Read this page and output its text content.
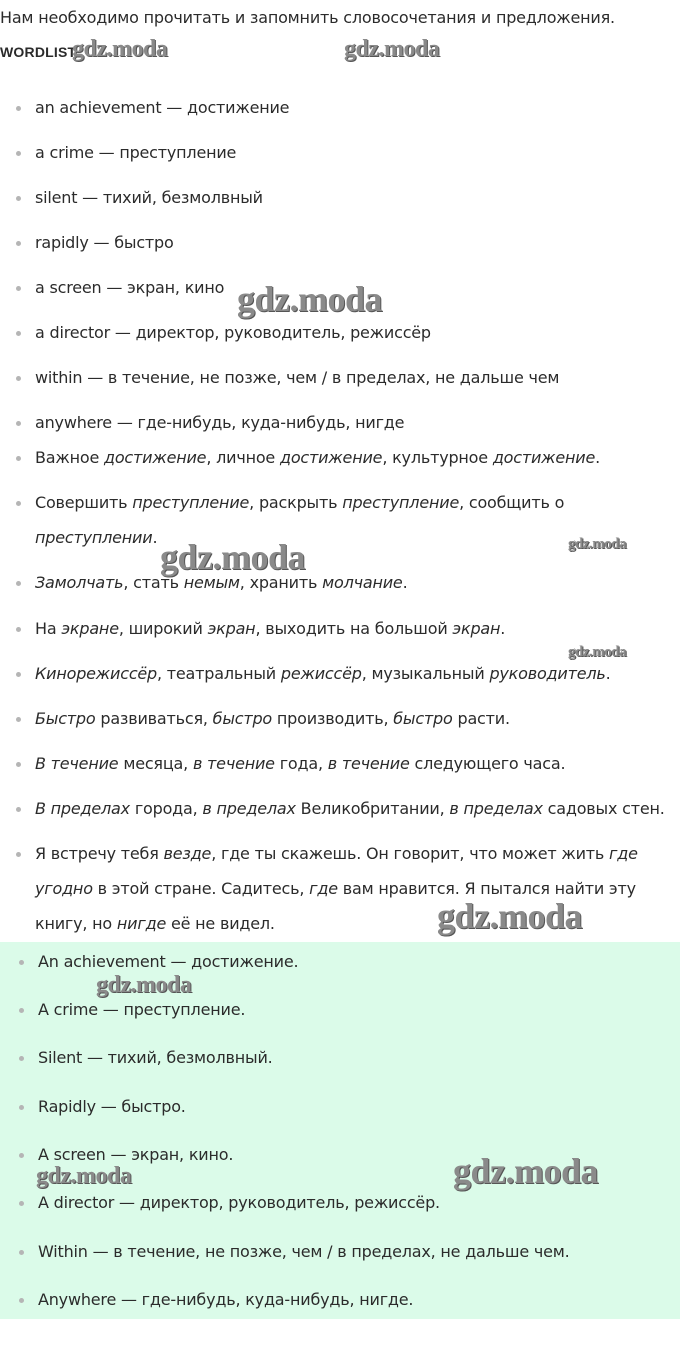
Нам необходимо прочитать и запомнить словосочетания и предложения.
WORDLIST
an achievement — достижение
a crime — преступление
silent — тихий, безмолвный
rapidly — быстро
a screen — экран, кино
a director — директор, руководитель, режиссёр
within — в течение, не позже, чем / в пределах, не дальше чем
anywhere — где-нибудь, куда-нибудь, нигде
Важное достижение, личное достижение, культурное достижение.
Совершить преступление, раскрыть преступление, сообщить о преступлении.
Замолчать, стать немым, хранить молчание.
На экране, широкий экран, выходить на большой экран.
Кинорежиссёр, театральный режиссёр, музыкальный руководитель.
Быстро развиваться, быстро производить, быстро расти.
В течение месяца, в течение года, в течение следующего часа.
В пределах города, в пределах Великобритании, в пределах садовых стен.
Я встречу тебя везде, где ты скажешь. Он говорит, что может жить где угодно в этой стране. Садитесь, где вам нравится. Я пытался найти эту книгу, но нигде её не видел.
An achievement — достижение.
A crime — преступление.
Silent — тихий, безмолвный.
Rapidly — быстро.
A screen — экран, кино.
A director — директор, руководитель, режиссёр.
Within — в течение, не позже, чем / в пределах, не дальше чем.
Anywhere — где-нибудь, куда-нибудь, нигде.
gdz.moda	gdz.moda
gdz.moda
gdz.moda	gdz.moda
gdz.moda
gdz.moda
gdz.moda
gdz.moda	gdz.moda
